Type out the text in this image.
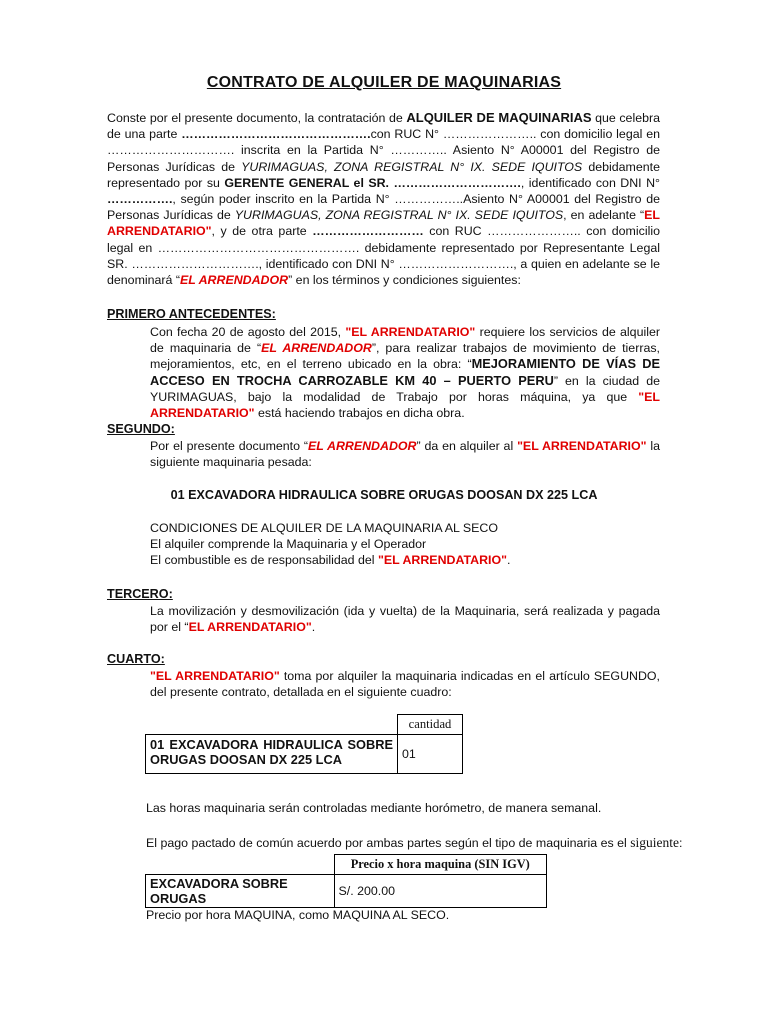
CONTRATO DE ALQUILER DE MAQUINARIAS
Conste por el presente documento, la contratación de ALQUILER DE MAQUINARIAS que celebra de una parte ……………………………………….con RUC N° ………………….. con domicilio legal en …………………………. inscrita en la Partida N° ………….. Asiento N° A00001 del Registro de Personas Jurídicas de YURIMAGUAS, ZONA REGISTRAL N° IX. SEDE IQUITOS debidamente representado por su GERENTE GENERAL el SR. …………………………., identificado con DNI N° ……………., según poder inscrito en la Partida N° ……………..Asiento N° A00001 del Registro de Personas Jurídicas de YURIMAGUAS, ZONA REGISTRAL N° IX. SEDE IQUITOS, en adelante “EL ARRENDATARIO", y de otra parte ……………………… con RUC ………………….. con domicilio legal en …………………………………………. debidamente representado por Representante Legal SR. …………………………., identificado con DNI N° ………………………., a quien en adelante se le denominará “EL ARRENDADOR” en los términos y condiciones siguientes:
PRIMERO ANTECEDENTES:
Con fecha 20 de agosto del 2015, "EL ARRENDATARIO" requiere los servicios de alquiler de maquinaria de “EL ARRENDADOR”, para realizar trabajos de movimiento de tierras, mejoramientos, etc, en el terreno ubicado en la obra: “MEJORAMIENTO DE VÍAS DE ACCESO EN TROCHA CARROZABLE KM 40 – PUERTO PERU” en la ciudad de YURIMAGUAS, bajo la modalidad de Trabajo por horas máquina, ya que "EL ARRENDATARIO" está haciendo trabajos en dicha obra.
SEGUNDO:
Por el presente documento “EL ARRENDADOR” da en alquiler al "EL ARRENDATARIO" la siguiente maquinaria pesada:
01 EXCAVADORA HIDRAULICA SOBRE ORUGAS DOOSAN DX 225 LCA
CONDICIONES DE ALQUILER DE LA MAQUINARIA AL SECO
El alquiler comprende la Maquinaria y el Operador
El combustible es de responsabilidad del "EL ARRENDATARIO".
TERCERO:
La movilización y desmovilización (ida y vuelta) de la Maquinaria, será realizada y pagada por el “EL ARRENDATARIO".
CUARTO:
"EL ARRENDATARIO" toma por alquiler la maquinaria indicadas en el artículo SEGUNDO, del presente contrato, detallada en el siguiente cuadro:
	cantidad
01 EXCAVADORA HIDRAULICA SOBRE ORUGAS DOOSAN DX 225 LCA	01
Las horas maquinaria serán controladas mediante horómetro, de manera semanal.
El pago pactado de común acuerdo por ambas partes según el tipo de maquinaria es el siguiente:
	Precio x hora maquina (SIN IGV)
EXCAVADORA SOBRE ORUGAS	S/. 200.00
Precio por hora MAQUINA, como MAQUINA AL SECO.
